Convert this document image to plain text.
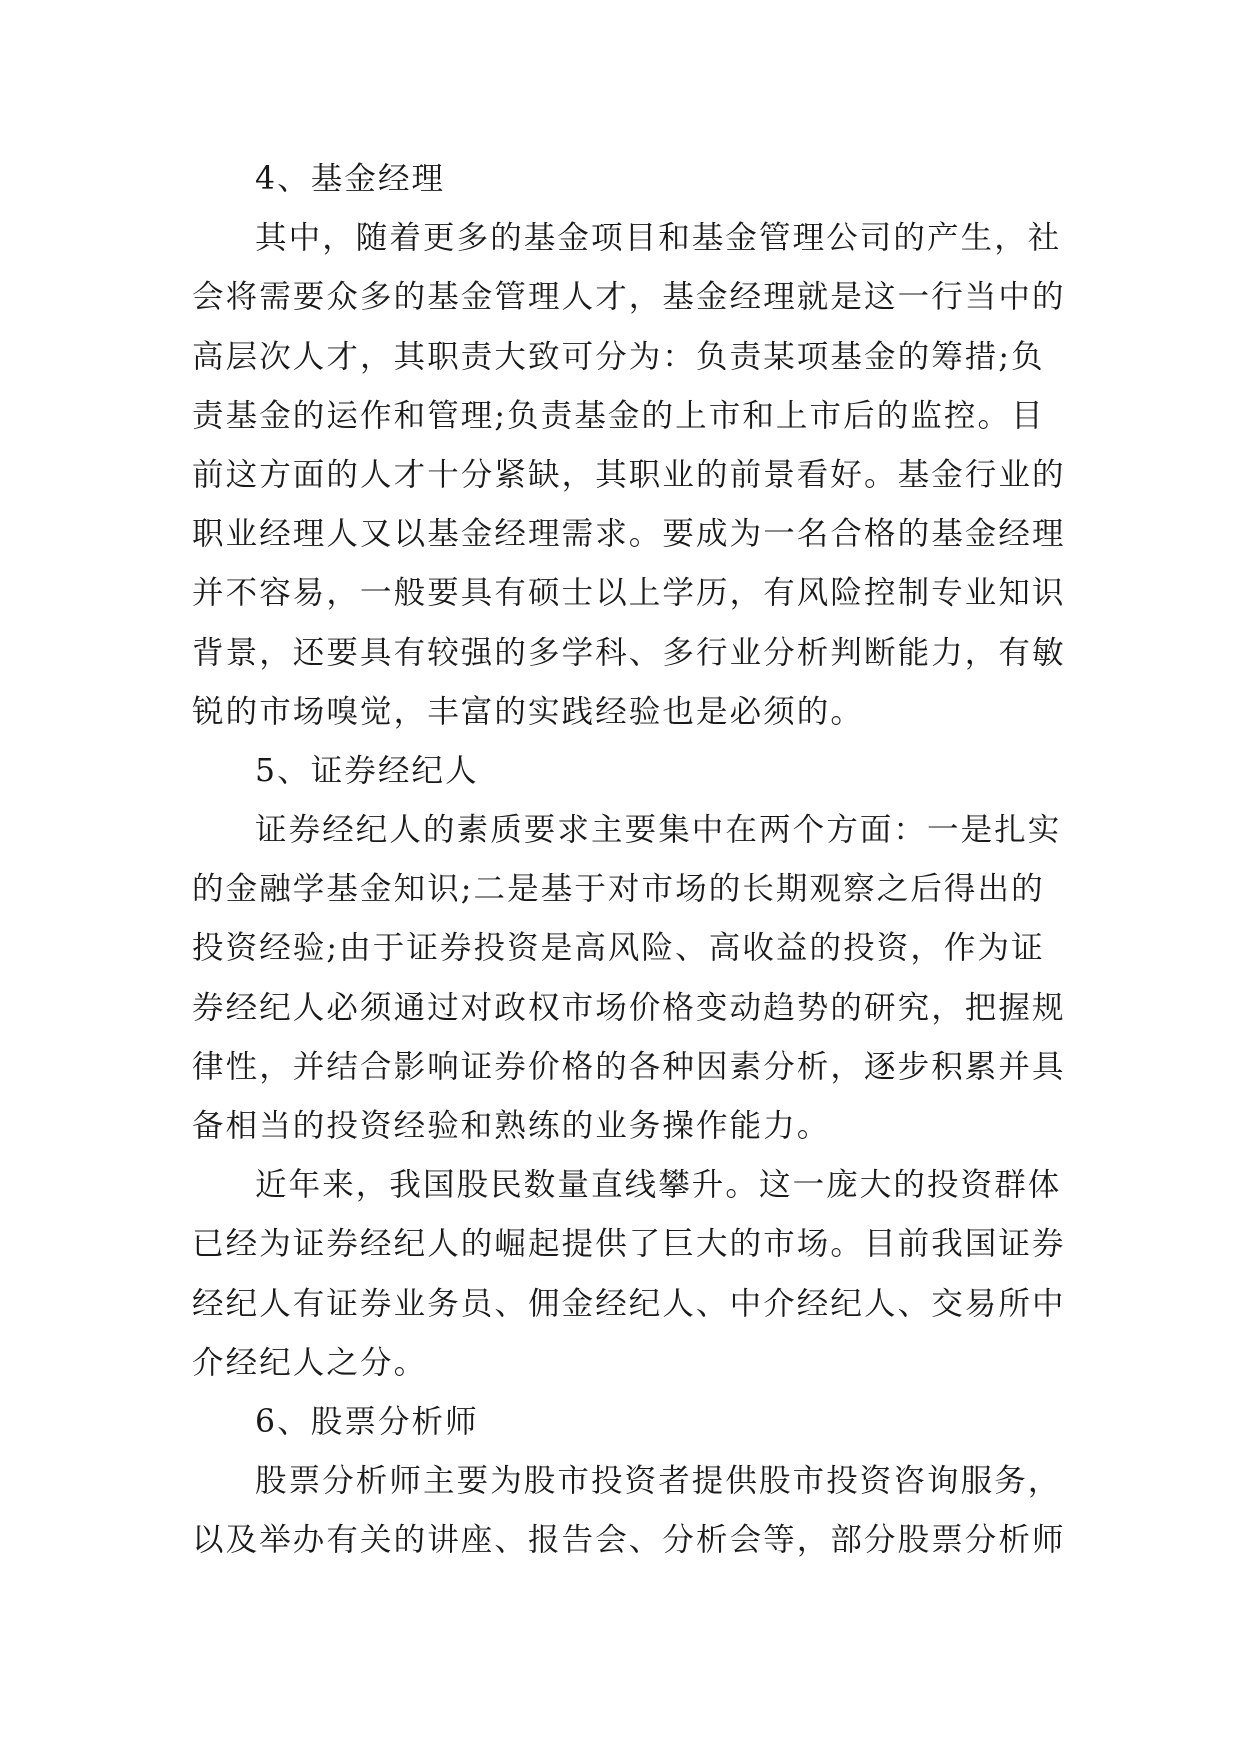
4、基金经理
其中，随着更多的基金项目和基金管理公司的产生，社
会将需要众多的基金管理人才，基金经理就是这一行当中的
高层次人才，其职责大致可分为：负责某项基金的筹措;负
责基金的运作和管理;负责基金的上市和上市后的监控。目
前这方面的人才十分紧缺，其职业的前景看好。基金行业的
职业经理人又以基金经理需求。要成为一名合格的基金经理
并不容易，一般要具有硕士以上学历，有风险控制专业知识
背景，还要具有较强的多学科、多行业分析判断能力，有敏
锐的市场嗅觉，丰富的实践经验也是必须的。
5、证券经纪人
证券经纪人的素质要求主要集中在两个方面：一是扎实
的金融学基金知识;二是基于对市场的长期观察之后得出的
投资经验;由于证券投资是高风险、高收益的投资，作为证
券经纪人必须通过对政权市场价格变动趋势的研究，把握规
律性，并结合影响证券价格的各种因素分析，逐步积累并具
备相当的投资经验和熟练的业务操作能力。
近年来，我国股民数量直线攀升。这一庞大的投资群体
已经为证券经纪人的崛起提供了巨大的市场。目前我国证券
经纪人有证券业务员、佣金经纪人、中介经纪人、交易所中
介经纪人之分。
6、股票分析师
股票分析师主要为股市投资者提供股市投资咨询服务，
以及举办有关的讲座、报告会、分析会等，部分股票分析师
